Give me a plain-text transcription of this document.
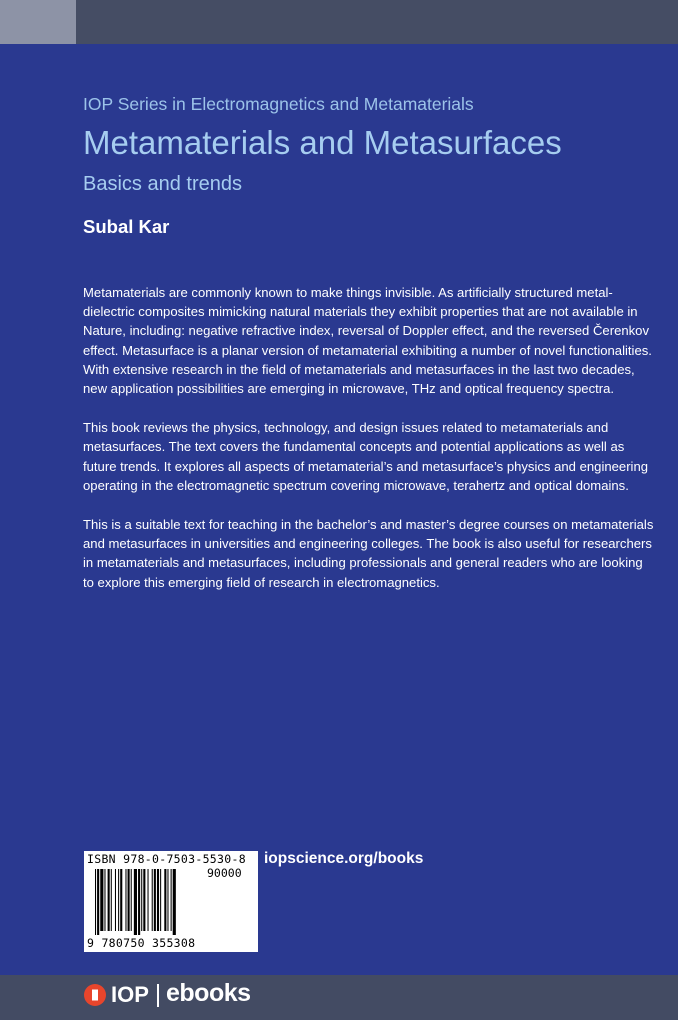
IOP Series in Electromagnetics and Metamaterials
Metamaterials and Metasurfaces
Basics and trends
Subal Kar

Metamaterials are commonly known to make things invisible. As artificially structured metal-dielectric composites mimicking natural materials they exhibit properties that are not available in Nature, including: negative refractive index, reversal of Doppler effect, and the reversed Čerenkov effect. Metasurface is a planar version of metamaterial exhibiting a number of novel functionalities. With extensive research in the field of metamaterials and metasurfaces in the last two decades, new application possibilities are emerging in microwave, THz and optical frequency spectra.

This book reviews the physics, technology, and design issues related to metamaterials and metasurfaces. The text covers the fundamental concepts and potential applications as well as future trends. It explores all aspects of metamaterial’s and metasurface’s physics and engineering operating in the electromagnetic spectrum covering microwave, terahertz and optical domains.

This is a suitable text for teaching in the bachelor’s and master’s degree courses on metamaterials and metasurfaces in universities and engineering colleges. The book is also useful for researchers in metamaterials and metasurfaces, including professionals and general readers who are looking to explore this emerging field of research in electromagnetics.

ISBN 978-0-7503-5530-8
90000
9 780750 355308
iopscience.org/books
IOP ebooks
